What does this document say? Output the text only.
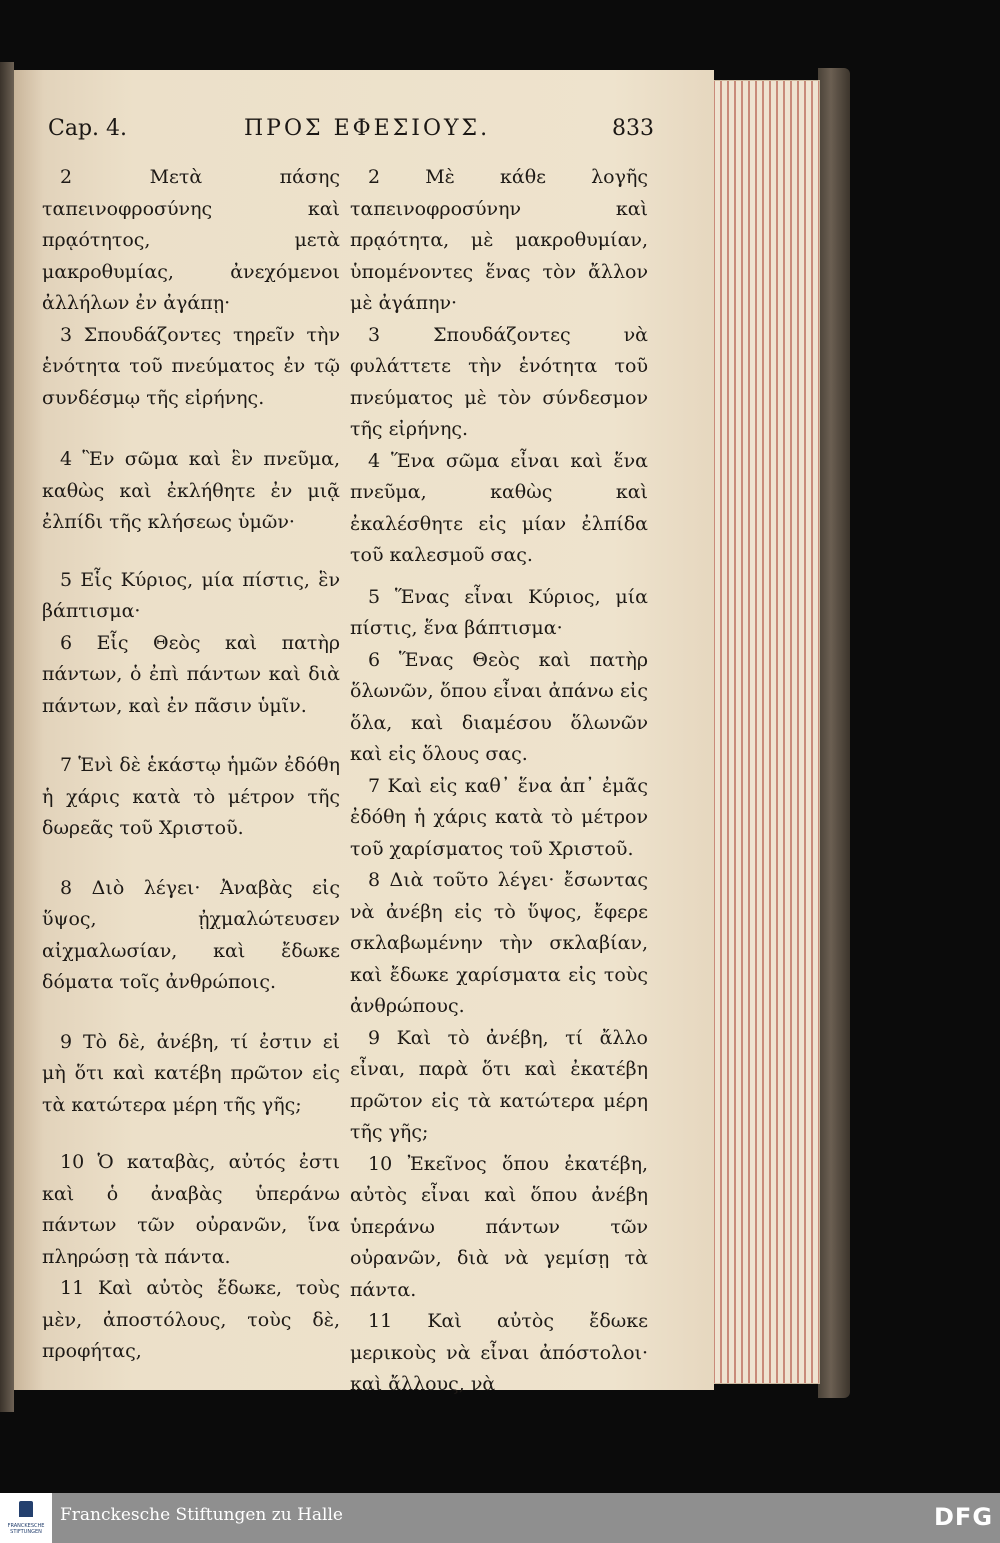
Cap. 4.	ΠΡΟΣ ΕΦΕΣΙΟΥΣ.	833

2 Μετὰ πάσης ταπεινοφροσύνης καὶ πρᾳότητος, μετὰ μακροθυμίας, ἀνεχόμενοι ἀλλήλων ἐν ἀγάπῃ·

3 Σπουδάζοντες τηρεῖν τὴν ἑνότητα τοῦ πνεύματος ἐν τῷ συνδέσμῳ τῆς εἰρήνης.

4 Ἓν σῶμα καὶ ἓν πνεῦμα, καθὼς καὶ ἐκλήθητε ἐν μιᾷ ἐλπίδι τῆς κλήσεως ὑμῶν·

5 Εἷς Κύριος, μία πίστις, ἓν βάπτισμα·

6 Εἷς Θεὸς καὶ πατὴρ πάντων, ὁ ἐπὶ πάντων καὶ διὰ πάντων, καὶ ἐν πᾶσιν ὑμῖν.

7 Ἑνὶ δὲ ἑκάστῳ ἡμῶν ἐδόθη ἡ χάρις κατὰ τὸ μέτρον τῆς δωρεᾶς τοῦ Χριστοῦ.

8 Διὸ λέγει· Ἀναβὰς εἰς ὕψος, ᾐχμαλώτευσεν αἰχμαλωσίαν, καὶ ἔδωκε δόματα τοῖς ἀνθρώποις.

9 Τὸ δὲ, ἀνέβη, τί ἐστιν εἰ μὴ ὅτι καὶ κατέβη πρῶτον εἰς τὰ κατώτερα μέρη τῆς γῆς;

10 Ὁ καταβὰς, αὐτός ἐστι καὶ ὁ ἀναβὰς ὑπεράνω πάντων τῶν οὐρανῶν, ἵνα πληρώσῃ τὰ πάντα.

11 Καὶ αὐτὸς ἔδωκε, τοὺς μὲν, ἀποστόλους, τοὺς δὲ, προφήτας,

2 Μὲ κάθε λογῆς ταπεινοφροσύνην καὶ πρᾳότητα, μὲ μακροθυμίαν, ὑπομένοντες ἕνας τὸν ἄλλον μὲ ἀγάπην·

3 Σπουδάζοντες νὰ φυλάττετε τὴν ἑνότητα τοῦ πνεύματος μὲ τὸν σύνδεσμον τῆς εἰρήνης.

4 Ἕνα σῶμα εἶναι καὶ ἕνα πνεῦμα, καθὼς καὶ ἐκαλέσθητε εἰς μίαν ἐλπίδα τοῦ καλεσμοῦ σας.

5 Ἕνας εἶναι Κύριος, μία πίστις, ἕνα βάπτισμα·

6 Ἕνας Θεὸς καὶ πατὴρ ὅλωνῶν, ὅπου εἶναι ἀπάνω εἰς ὅλα, καὶ διαμέσου ὅλωνῶν καὶ εἰς ὅλους σας.

7 Καὶ εἰς καθ᾽ ἕνα ἀπ᾽ ἐμᾶς ἐδόθη ἡ χάρις κατὰ τὸ μέτρον τοῦ χαρίσματος τοῦ Χριστοῦ.

8 Διὰ τοῦτο λέγει· ἔσωντας νὰ ἀνέβη εἰς τὸ ὕψος, ἔφερε σκλαβωμένην τὴν σκλαβίαν, καὶ ἔδωκε χαρίσματα εἰς τοὺς ἀνθρώπους.

9 Καὶ τὸ ἀνέβη, τί ἄλλο εἶναι, παρὰ ὅτι καὶ ἐκατέβη πρῶτον εἰς τὰ κατώτερα μέρη τῆς γῆς;

10 Ἐκεῖνος ὅπου ἐκατέβη, αὐτὸς εἶναι καὶ ὅπου ἀνέβη ὑπεράνω πάντων τῶν οὐρανῶν, διὰ νὰ γεμίσῃ τὰ πάντα.

11 Καὶ αὐτὸς ἔδωκε μερικοὺς νὰ εἶναι ἀπόστολοι· καὶ ἄλλους, νὰ

FRANCKESCHE STIFTUNGEN
Franckesche Stiftungen zu Halle	DFG
